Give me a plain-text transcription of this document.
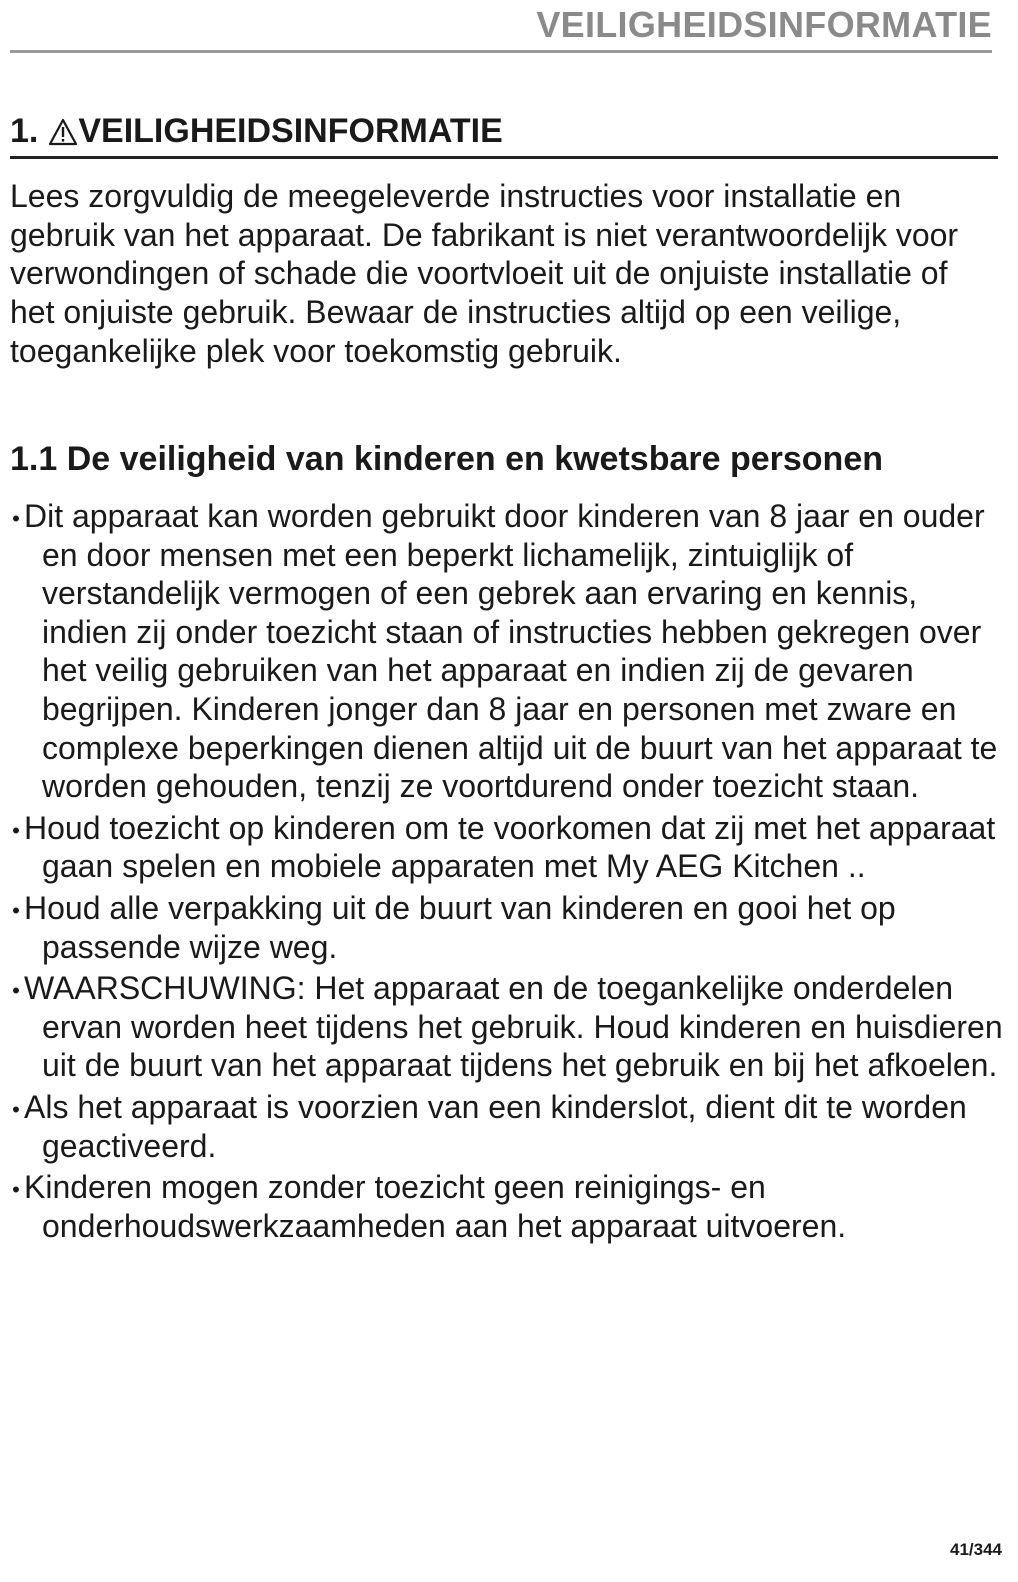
VEILIGHEIDSINFORMATIE
1. VEILIGHEIDSINFORMATIE

Lees zorgvuldig de meegeleverde instructies voor installatie en gebruik van het apparaat. De fabrikant is niet verantwoordelijk voor verwondingen of schade die voortvloeit uit de onjuiste installatie of het onjuiste gebruik. Bewaar de instructies altijd op een veilige, toegankelijke plek voor toekomstig gebruik.

1.1 De veiligheid van kinderen en kwetsbare personen
• Dit apparaat kan worden gebruikt door kinderen van 8 jaar en ouder en door mensen met een beperkt lichamelijk, zintuiglijk of verstandelijk vermogen of een gebrek aan ervaring en kennis, indien zij onder toezicht staan of instructies hebben gekregen over het veilig gebruiken van het apparaat en indien zij de gevaren begrijpen. Kinderen jonger dan 8 jaar en personen met zware en complexe beperkingen dienen altijd uit de buurt van het apparaat te worden gehouden, tenzij ze voortdurend onder toezicht staan.
• Houd toezicht op kinderen om te voorkomen dat zij met het apparaat gaan spelen en mobiele apparaten met My AEG Kitchen ..
• Houd alle verpakking uit de buurt van kinderen en gooi het op passende wijze weg.
• WAARSCHUWING: Het apparaat en de toegankelijke onderdelen ervan worden heet tijdens het gebruik. Houd kinderen en huisdieren uit de buurt van het apparaat tijdens het gebruik en bij het afkoelen.
• Als het apparaat is voorzien van een kinderslot, dient dit te worden geactiveerd.
• Kinderen mogen zonder toezicht geen reinigings- en onderhoudswerkzaamheden aan het apparaat uitvoeren.
41/344
